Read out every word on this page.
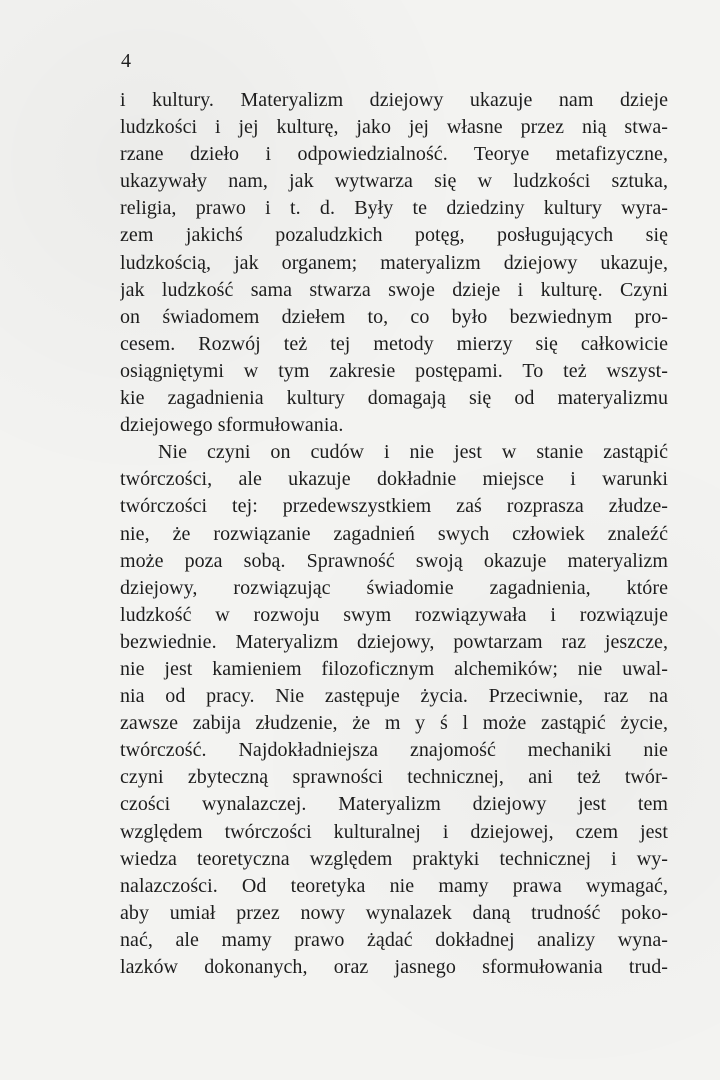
4
i kultury. Materyalizm dziejowy ukazuje nam dzieje
ludzkości i jej kulturę, jako jej własne przez nią stwa-
rzane dzieło i odpowiedzialność. Teorye metafizyczne,
ukazywały nam, jak wytwarza się w ludzkości sztuka,
religia, prawo i t. d. Były te dziedziny kultury wyra-
zem jakichś pozaludzkich potęg, posługujących się
ludzkością, jak organem; materyalizm dziejowy ukazuje,
jak ludzkość sama stwarza swoje dzieje i kulturę. Czyni
on świadomem dziełem to, co było bezwiednym pro-
cesem. Rozwój też tej metody mierzy się całkowicie
osiągniętymi w tym zakresie postępami. To też wszyst-
kie zagadnienia kultury domagają się od materyalizmu
dziejowego sformułowania.
Nie czyni on cudów i nie jest w stanie zastąpić
twórczości, ale ukazuje dokładnie miejsce i warunki
twórczości tej: przedewszystkiem zaś rozprasza złudze-
nie, że rozwiązanie zagadnień swych człowiek znaleźć
może poza sobą. Sprawność swoją okazuje materyalizm
dziejowy, rozwiązując świadomie zagadnienia, które
ludzkość w rozwoju swym rozwiązywała i rozwiązuje
bezwiednie. Materyalizm dziejowy, powtarzam raz jeszcze,
nie jest kamieniem filozoficznym alchemików; nie uwal-
nia od pracy. Nie zastępuje życia. Przeciwnie, raz na
zawsze zabija złudzenie, że m y ś l może zastąpić życie,
twórczość. Najdokładniejsza znajomość mechaniki nie
czyni zbyteczną sprawności technicznej, ani też twór-
czości wynalazczej. Materyalizm dziejowy jest tem
względem twórczości kulturalnej i dziejowej, czem jest
wiedza teoretyczna względem praktyki technicznej i wy-
nalazczości. Od teoretyka nie mamy prawa wymagać,
aby umiał przez nowy wynalazek daną trudność poko-
nać, ale mamy prawo żądać dokładnej analizy wyna-
lazków dokonanych, oraz jasnego sformułowania trud-
